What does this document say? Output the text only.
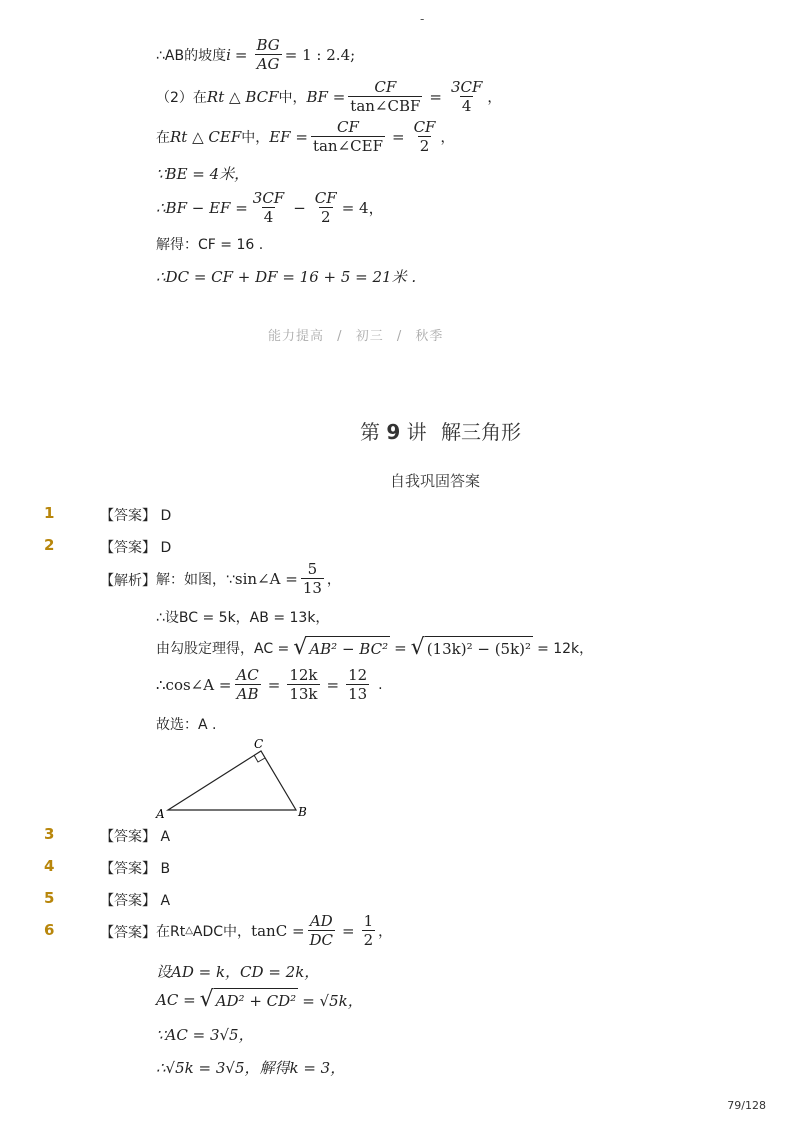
-
∴AB的坡度 $i = \frac{BG}{AG} = 1$ : 2.4;
（2）在 Rt △ BCF 中， BF = $\frac{CF}{\text{tan∠CBF}} = \frac{3CF}{4}$ ，
在 Rt △ CEF 中， EF = $\frac{CF}{\text{tan∠CEF}} = \frac{CF}{2}$ ，
∵BE = 4米，
∴BF − EF = $\frac{3CF}{4} - \frac{CF}{2} = 4$，
解得：CF = 16 .
∴DC = CF + DF = 16 + 5 = 21米 .
能力提高 / 初三 / 秋季
第 9 讲 解三角形
自我巩固答案
1	【答案】 D
2	【答案】 D
【解析】 解：如图，∵ sin∠A = $\frac{5}{13}$ ，
∴设BC = 5k，AB = 13k，
由勾股定理得，AC = √ AB² − BC² = √ (13k)² − (5k)² = 12k，
∴cos∠A = $\frac{AC}{AB} = \frac{12k}{13k} = \frac{12}{13}$ .
故选：A .
A	B
C
3	【答案】 A
4	【答案】 B
5	【答案】 A
6	【答案】 在Rt △ ADC中， $\tan C = \frac{AD}{DC} = \frac{1}{2}$ ，
设AD = k，CD = 2k，
AC = √ AD² + CD² = √5k，
∵AC = 3√5，
∴√5k = 3√5，解得 k = 3，
79/128
